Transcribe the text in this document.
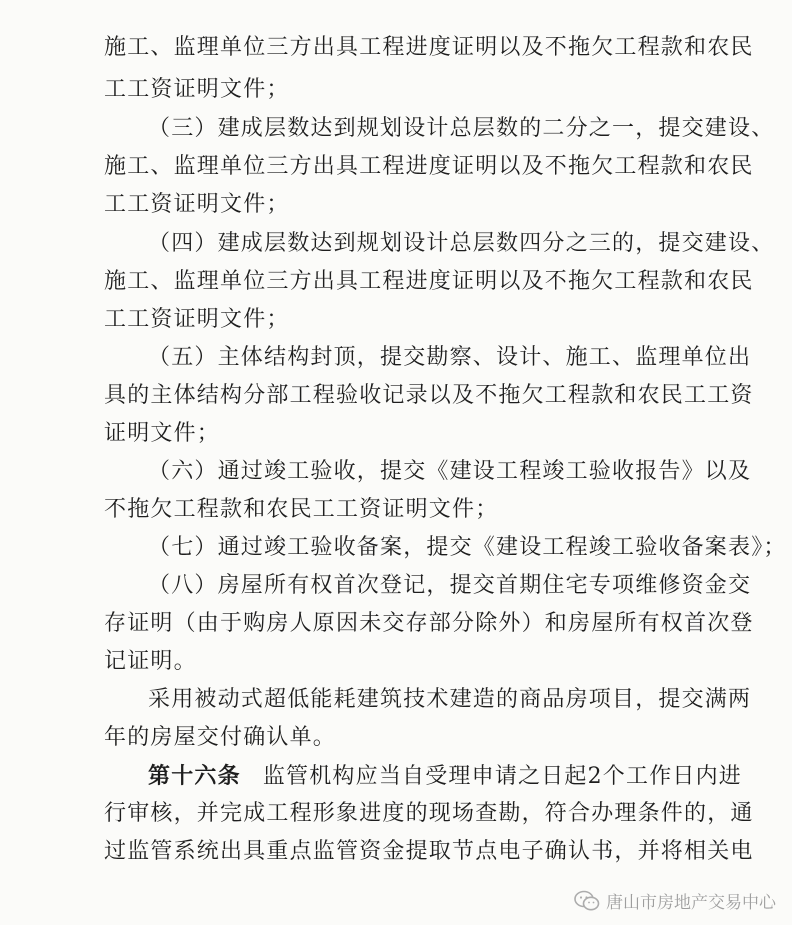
施工、监理单位三方出具工程进度证明以及不拖欠工程款和农民
工工资证明文件；
（三）建成层数达到规划设计总层数的二分之一，提交建设、
施工、监理单位三方出具工程进度证明以及不拖欠工程款和农民
工工资证明文件；
（四）建成层数达到规划设计总层数四分之三的，提交建设、
施工、监理单位三方出具工程进度证明以及不拖欠工程款和农民
工工资证明文件；
（五）主体结构封顶，提交勘察、设计、施工、监理单位出
具的主体结构分部工程验收记录以及不拖欠工程款和农民工工资
证明文件；
（六）通过竣工验收，提交《建设工程竣工验收报告》以及
不拖欠工程款和农民工工资证明文件；
（七）通过竣工验收备案，提交《建设工程竣工验收备案表》；
（八）房屋所有权首次登记，提交首期住宅专项维修资金交
存证明（由于购房人原因未交存部分除外）和房屋所有权首次登
记证明。
采用被动式超低能耗建筑技术建造的商品房项目，提交满两
年的房屋交付确认单。
第十六条 监管机构应当自受理申请之日起2个工作日内进
行审核，并完成工程形象进度的现场查勘，符合办理条件的，通
过监管系统出具重点监管资金提取节点电子确认书，并将相关电
唐山市房地产交易中心
